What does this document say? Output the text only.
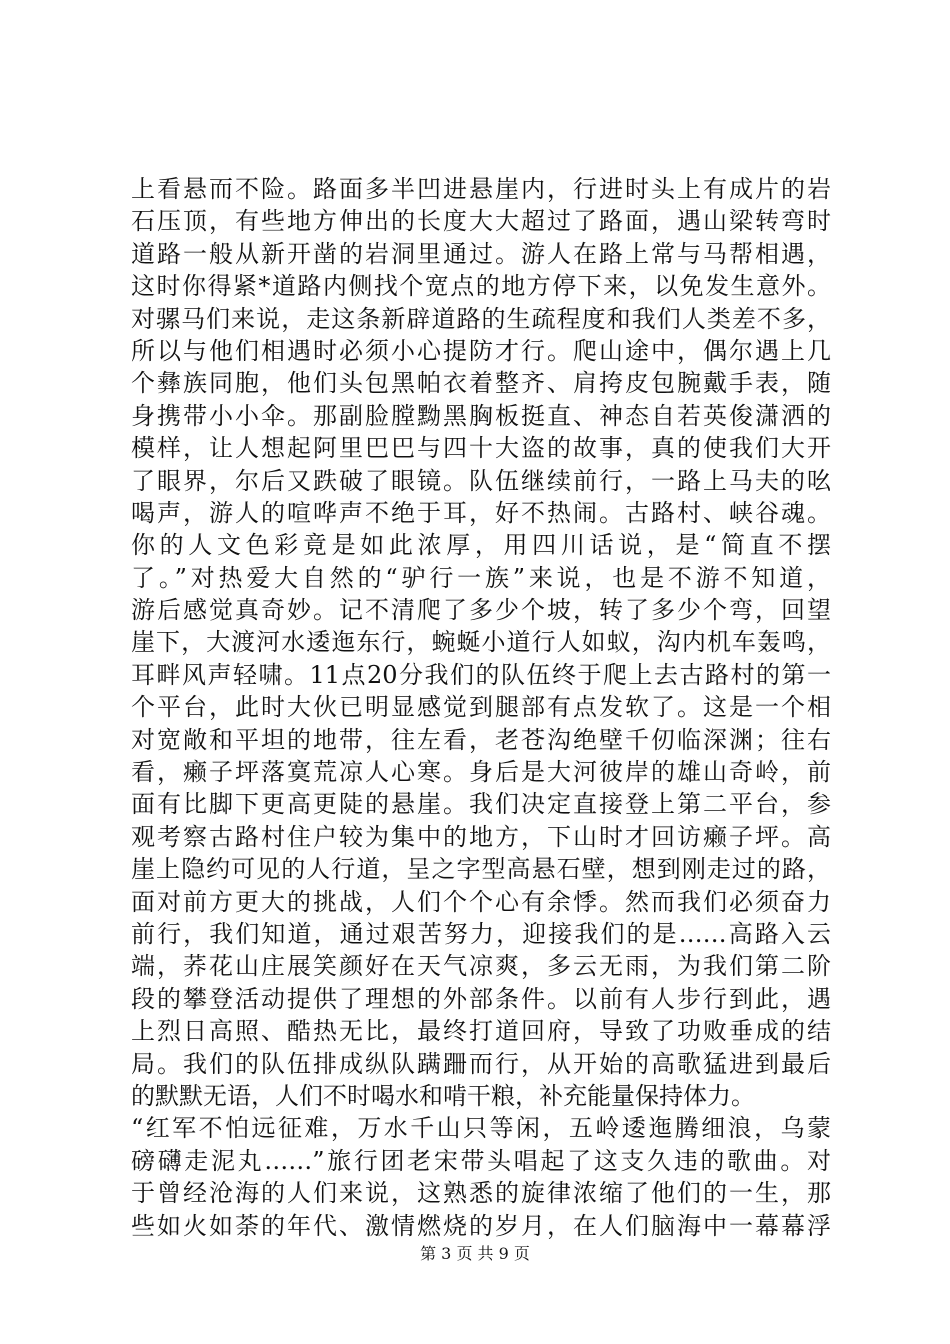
上看悬而不险。路面多半凹进悬崖内，行进时头上有成片的岩
石压顶，有些地方伸出的长度大大超过了路面，遇山梁转弯时
道路一般从新开凿的岩洞里通过。游人在路上常与马帮相遇，
这时你得紧*道路内侧找个宽点的地方停下来，以免发生意外。
对骡马们来说，走这条新辟道路的生疏程度和我们人类差不多，
所以与他们相遇时必须小心提防才行。爬山途中，偶尔遇上几
个彝族同胞，他们头包黑帕衣着整齐、肩挎皮包腕戴手表，随
身携带小小伞。那副脸膛黝黑胸板挺直、神态自若英俊潇洒的
模样，让人想起阿里巴巴与四十大盗的故事，真的使我们大开
了眼界，尔后又跌破了眼镜。队伍继续前行，一路上马夫的吆
喝声，游人的喧哗声不绝于耳，好不热闹。古路村、峡谷魂。
你的人文色彩竟是如此浓厚，用四川话说，是“简直不摆
了。”对热爱大自然的“驴行一族”来说，也是不游不知道，
游后感觉真奇妙。记不清爬了多少个坡，转了多少个弯，回望
崖下，大渡河水逶迤东行，蜿蜒小道行人如蚁，沟内机车轰鸣，
耳畔风声轻啸。11点20分我们的队伍终于爬上去古路村的第一
个平台，此时大伙已明显感觉到腿部有点发软了。这是一个相
对宽敞和平坦的地带，往左看，老苍沟绝壁千仞临深渊；往右
看，癞子坪落寞荒凉人心寒。身后是大河彼岸的雄山奇岭，前
面有比脚下更高更陡的悬崖。我们决定直接登上第二平台，参
观考察古路村住户较为集中的地方，下山时才回访癞子坪。高
崖上隐约可见的人行道，呈之字型高悬石壁，想到刚走过的路，
面对前方更大的挑战，人们个个心有余悸。然而我们必须奋力
前行，我们知道，通过艰苦努力，迎接我们的是……高路入云
端，荞花山庄展笑颜好在天气凉爽，多云无雨，为我们第二阶
段的攀登活动提供了理想的外部条件。以前有人步行到此，遇
上烈日高照、酷热无比，最终打道回府，导致了功败垂成的结
局。我们的队伍排成纵队蹒跚而行，从开始的高歌猛进到最后
的默默无语，人们不时喝水和啃干粮，补充能量保持体力。
“红军不怕远征难，万水千山只等闲，五岭逶迤腾细浪，乌蒙
磅礴走泥丸……”旅行团老宋带头唱起了这支久违的歌曲。对
于曾经沧海的人们来说，这熟悉的旋律浓缩了他们的一生，那
些如火如荼的年代、激情燃烧的岁月，在人们脑海中一幕幕浮
第 3 页 共 9 页
